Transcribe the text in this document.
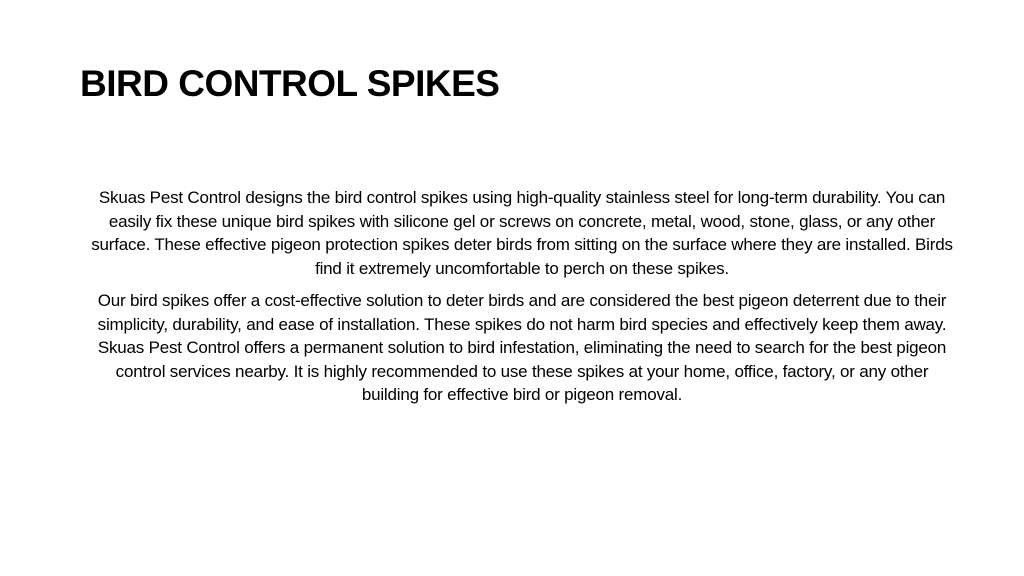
BIRD CONTROL SPIKES

Skuas Pest Control designs the bird control spikes using high-quality stainless steel for long-term durability. You can easily fix these unique bird spikes with silicone gel or screws on concrete, metal, wood, stone, glass, or any other surface. These effective pigeon protection spikes deter birds from sitting on the surface where they are installed. Birds find it extremely uncomfortable to perch on these spikes.

Our bird spikes offer a cost-effective solution to deter birds and are considered the best pigeon deterrent due to their simplicity, durability, and ease of installation. These spikes do not harm bird species and effectively keep them away. Skuas Pest Control offers a permanent solution to bird infestation, eliminating the need to search for the best pigeon control services nearby. It is highly recommended to use these spikes at your home, office, factory, or any other building for effective bird or pigeon removal.
